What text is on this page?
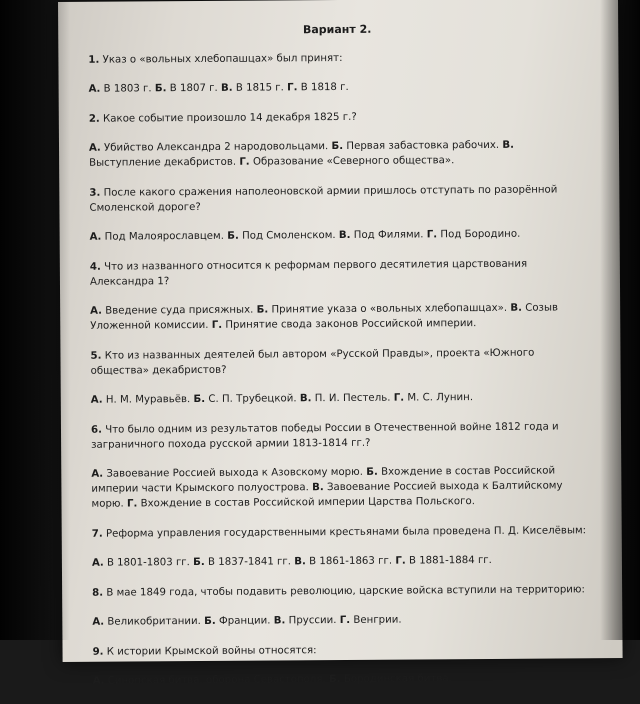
Вариант 2.
1. Указ о «вольных хлебопашцах» был принят:
А. В 1803 г. Б. В 1807 г. В. В 1815 г. Г. В 1818 г.
2. Какое событие произошло 14 декабря 1825 г.?
А. Убийство Александра 2 народовольцами. Б. Первая забастовка рабочих. В. Выступление декабристов. Г. Образование «Северного общества».
3. После какого сражения наполеоновской армии пришлось отступать по разорённой Смоленской дороге?
А. Под Малоярославцем. Б. Под Смоленском. В. Под Филями. Г. Под Бородино.
4. Что из названного относится к реформам первого десятилетия царствования Александра 1?
А. Введение суда присяжных. Б. Принятие указа о «вольных хлебопашцах». В. Созыв Уложенной комиссии. Г. Принятие свода законов Российской империи.
5. Кто из названных деятелей был автором «Русской Правды», проекта «Южного общества» декабристов?
А. Н. М. Муравьёв. Б. С. П. Трубецкой. В. П. И. Пестель. Г. М. С. Лунин.
6. Что было одним из результатов победы России в Отечественной войне 1812 года и заграничного похода русской армии 1813-1814 гг.?
А. Завоевание Россией выхода к Азовскому морю. Б. Вхождение в состав Российской империи части Крымского полуострова. В. Завоевание Россией выхода к Балтийскому морю. Г. Вхождение в состав Российской империи Царства Польского.
7. Реформа управления государственными крестьянами была проведена П. Д. Киселёвым:
А. В 1801-1803 гг. Б. В 1837-1841 гг. В. В 1861-1863 гг. Г. В 1881-1884 гг.
8. В мае 1849 года, чтобы подавить революцию, царские войска вступили на территорию:
А. Великобритании. Б. Франции. В. Пруссии. Г. Венгрии.
9. К истории Крымской войны относятся:
А. Синопская битва, оборона Севастополя. Б. Бородинская битва.
